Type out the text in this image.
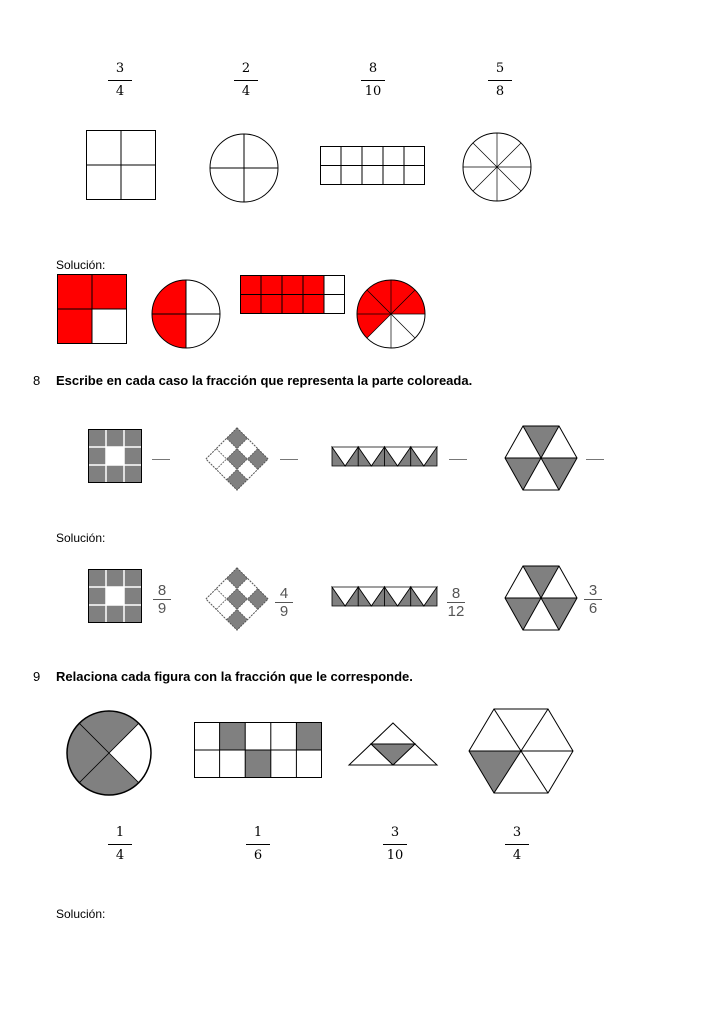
3
4
2
4
8
10
5
8
Solución:
8 Escribe en cada caso la fracción que representa la parte coloreada.
Solución:
8
9
4
9
8
12
3
6
9 Relaciona cada figura con la fracción que le corresponde.
1
4
1
6
3
10
3
4
Solución:
